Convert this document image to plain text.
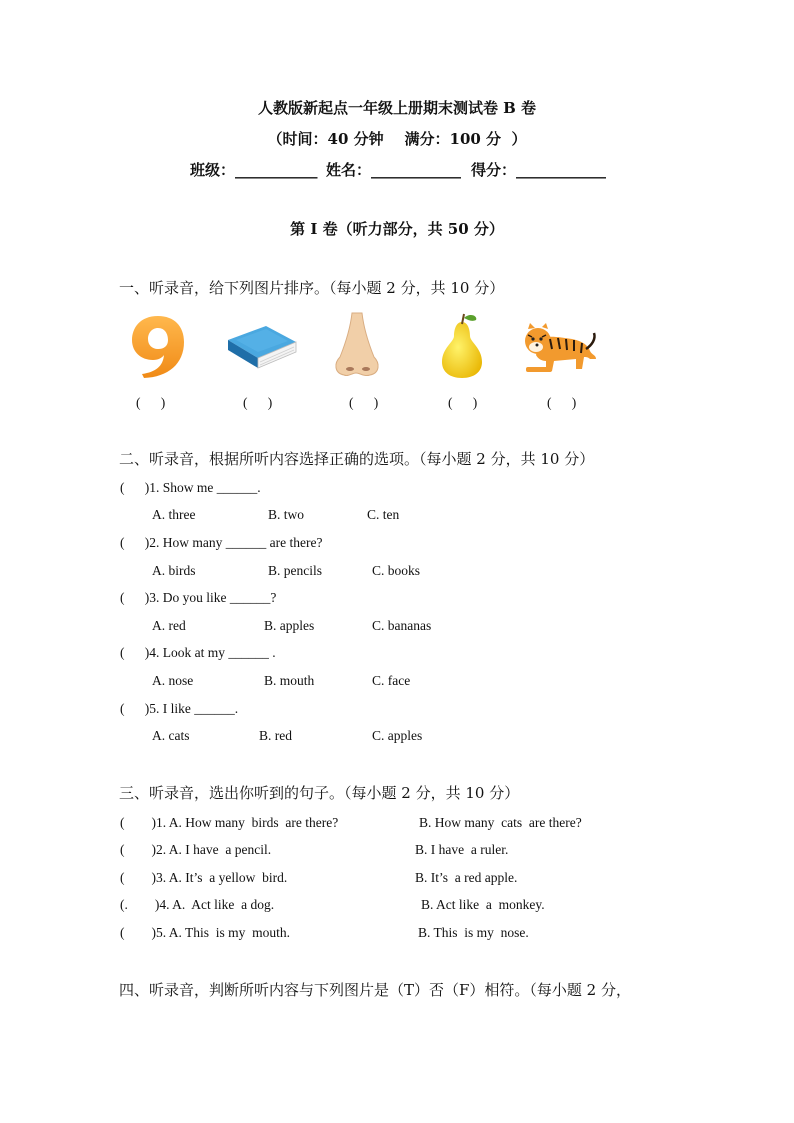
人教版新起点一年级上册期末测试卷 B 卷
（时间：40 分钟    满分：100 分  ）
班级：___________ 姓名：____________ 得分：____________
第 I 卷（听力部分，共 50 分）
一、听录音，给下列图片排序。（每小题 2 分，共 10 分）
(      )	(      )	(      )	(      )	(      )
二、听录音，根据所听内容选择正确的选项。（每小题 2 分，共 10 分）
(      )1. Show me ______.
A. three	B. two	C. ten
(      )2. How many ______ are there?
A. birds	B. pencils	C. books
(      )3. Do you like ______?
A. red	B. apples	C. bananas
(      )4. Look at my ______ .
A. nose	B. mouth	C. face
(      )5. I like ______.
A. cats	B. red	C. apples
三、听录音，选出你听到的句子。（每小题 2 分，共 10 分）
(        )1. A. How many  birds  are there?	B. How many  cats  are there?
(        )2. A. I have  a pencil.	B. I have  a ruler.
(        )3. A. It’s  a yellow  bird.	B. It’s  a red apple.
(.        )4. A.  Act like  a dog.	B. Act like  a  monkey.
(        )5. A. This  is my  mouth.	B. This  is my  nose.
四、听录音，判断所听内容与下列图片是（T）否（F）相符。（每小题 2 分，
